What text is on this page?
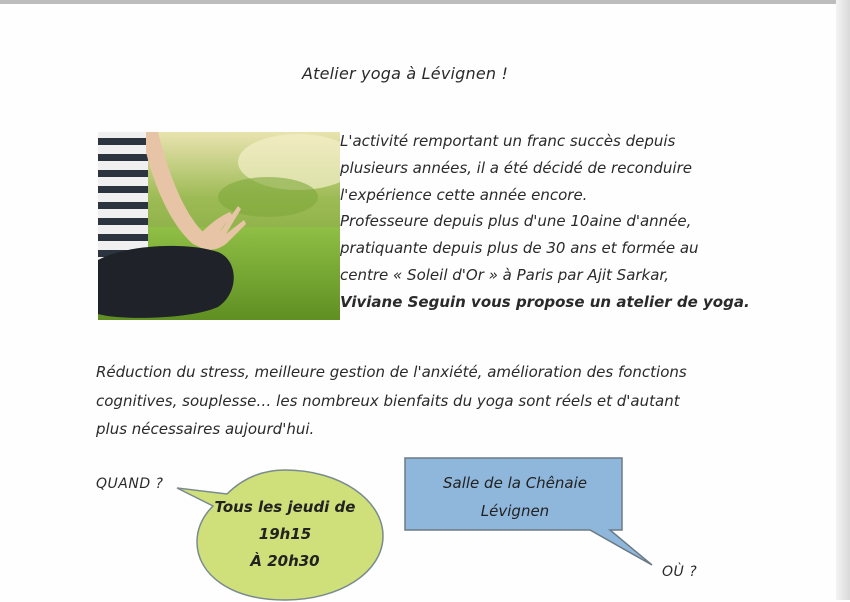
Atelier yoga à Lévignen !
L'activité remportant un franc succès depuis
plusieurs années, il a été décidé de reconduire
l'expérience cette année encore.
Professeure depuis plus d'une 10aine d'année,
pratiquante depuis plus de 30 ans et formée au
centre « Soleil d'Or » à Paris par Ajit Sarkar,
Viviane Seguin vous propose un atelier de yoga.
Réduction du stress, meilleure gestion de l'anxiété, amélioration des fonctions
cognitives, souplesse… les nombreux bienfaits du yoga sont réels et d'autant
plus nécessaires aujourd'hui.
QUAND ?
Tous les jeudi de
19h15
À 20h30
Salle de la Chênaie
Lévignen
OÙ ?
